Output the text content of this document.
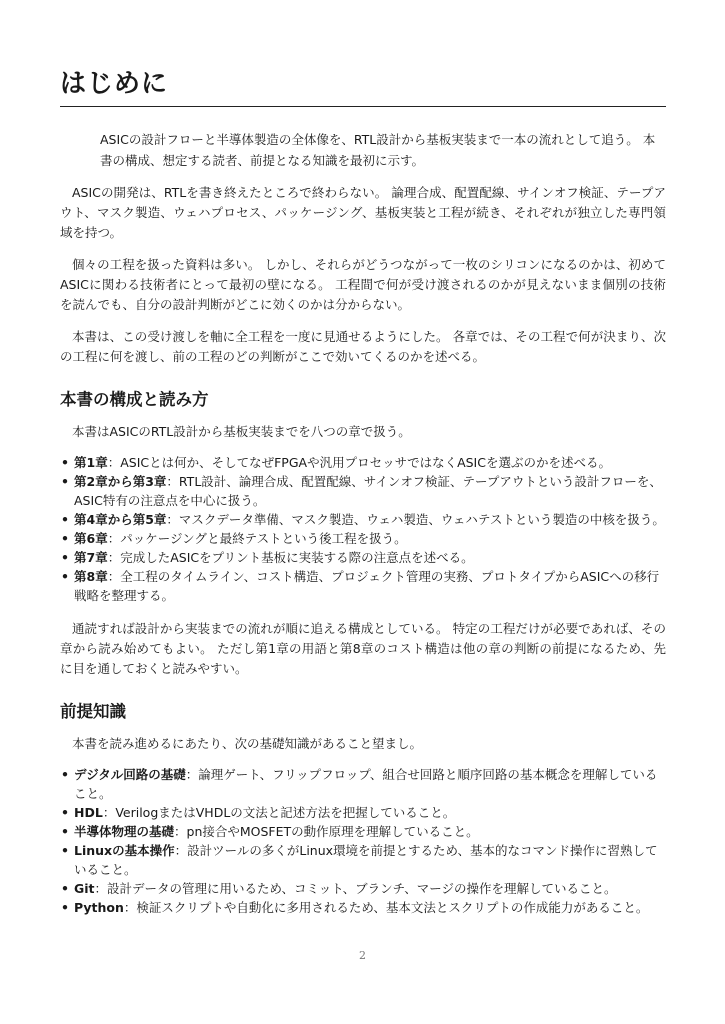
はじめに
ASICの設計フローと半導体製造の全体像を、RTL設計から基板実装まで一本の流れとして追う。 本書の構成、想定する読者、前提となる知識を最初に示す。

ASICの開発は、RTLを書き終えたところで終わらない。 論理合成、配置配線、サインオフ検証、テープアウト、マスク製造、ウェハプロセス、パッケージング、基板実装と工程が続き、それぞれが独立した専門領域を持つ。

個々の工程を扱った資料は多い。 しかし、それらがどうつながって一枚のシリコンになるのかは、初めてASICに関わる技術者にとって最初の壁になる。 工程間で何が受け渡されるのかが見えないまま個別の技術を読んでも、自分の設計判断がどこに効くのかは分からない。

本書は、この受け渡しを軸に全工程を一度に見通せるようにした。 各章では、その工程で何が決まり、次の工程に何を渡し、前の工程のどの判断がここで効いてくるのかを述べる。

本書の構成と読み方

本書はASICのRTL設計から基板実装までを八つの章で扱う。

• 第1章：ASICとは何か、そしてなぜFPGAや汎用プロセッサではなくASICを選ぶのかを述べる。
• 第2章から第3章：RTL設計、論理合成、配置配線、サインオフ検証、テープアウトという設計フローを、ASIC特有の注意点を中心に扱う。
• 第4章から第5章：マスクデータ準備、マスク製造、ウェハ製造、ウェハテストという製造の中核を扱う。
• 第6章：パッケージングと最終テストという後工程を扱う。
• 第7章：完成したASICをプリント基板に実装する際の注意点を述べる。
• 第8章：全工程のタイムライン、コスト構造、プロジェクト管理の実務、プロトタイプからASICへの移行戦略を整理する。

通読すれば設計から実装までの流れが順に追える構成としている。 特定の工程だけが必要であれば、その章から読み始めてもよい。 ただし第1章の用語と第8章のコスト構造は他の章の判断の前提になるため、先に目を通しておくと読みやすい。

前提知識

本書を読み進めるにあたり、次の基礎知識があること望まし。

• デジタル回路の基礎：論理ゲート、フリップフロップ、組合せ回路と順序回路の基本概念を理解していること。
• HDL：VerilogまたはVHDLの文法と記述方法を把握していること。
• 半導体物理の基礎：pn接合やMOSFETの動作原理を理解していること。
• Linuxの基本操作：設計ツールの多くがLinux環境を前提とするため、基本的なコマンド操作に習熟していること。
• Git：設計データの管理に用いるため、コミット、ブランチ、マージの操作を理解していること。
• Python：検証スクリプトや自動化に多用されるため、基本文法とスクリプトの作成能力があること。
2
